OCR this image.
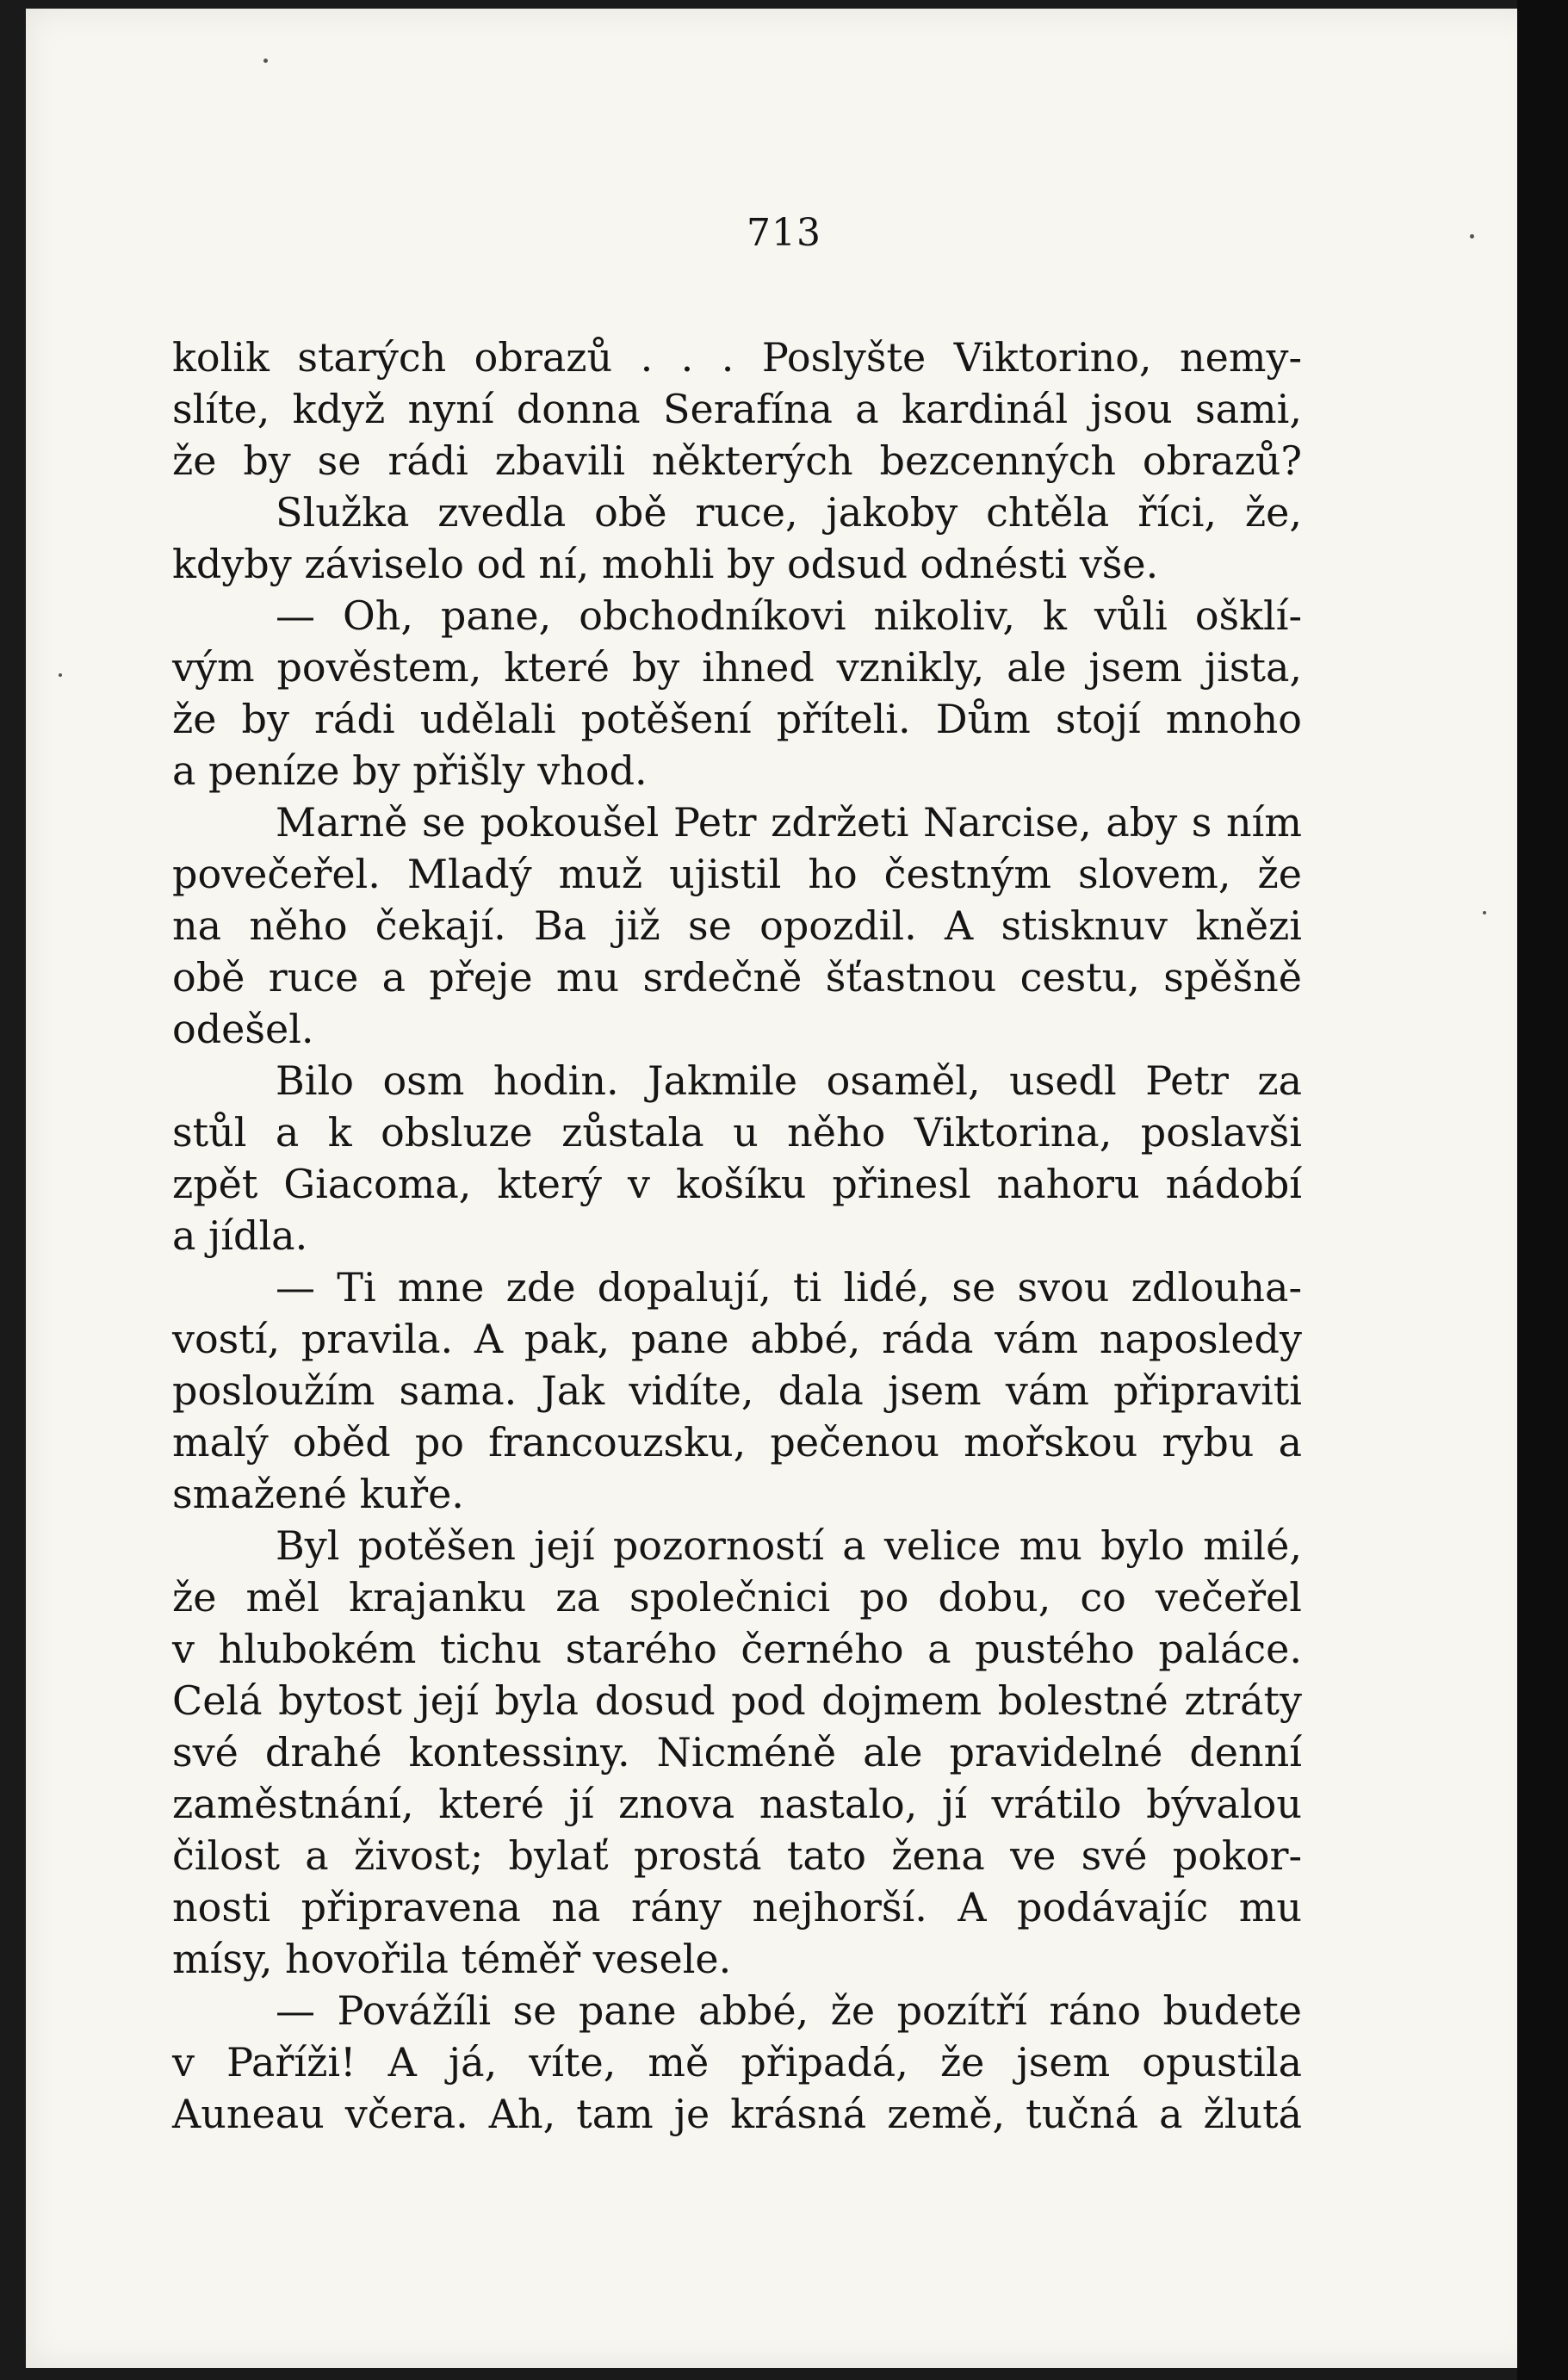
713
kolik starých obrazů . . . Poslyšte Viktorino, nemy-
slíte, když nyní donna Serafína a kardinál jsou sami,
že by se rádi zbavili některých bezcenných obrazů?
Služka zvedla obě ruce, jakoby chtěla říci, že,
kdyby záviselo od ní, mohli by odsud odnésti vše.
— Oh, pane, obchodníkovi nikoliv, k vůli ošklí-
vým pověstem, které by ihned vznikly, ale jsem jista,
že by rádi udělali potěšení příteli. Dům stojí mnoho
a peníze by přišly vhod.
Marně se pokoušel Petr zdržeti Narcise, aby s ním
povečeřel. Mladý muž ujistil ho čestným slovem, že
na něho čekají. Ba již se opozdil. A stisknuv knězi
obě ruce a přeje mu srdečně šťastnou cestu, spěšně
odešel.
Bilo osm hodin. Jakmile osaměl, usedl Petr za
stůl a k obsluze zůstala u něho Viktorina, poslavši
zpět Giacoma, který v košíku přinesl nahoru nádobí
a jídla.
— Ti mne zde dopalují, ti lidé, se svou zdlouha-
vostí, pravila. A pak, pane abbé, ráda vám naposledy
posloužím sama. Jak vidíte, dala jsem vám připraviti
malý oběd po francouzsku, pečenou mořskou rybu a
smažené kuře.
Byl potěšen její pozorností a velice mu bylo milé,
že měl krajanku za společnici po dobu, co večeřel
v hlubokém tichu starého černého a pustého paláce.
Celá bytost její byla dosud pod dojmem bolestné ztráty
své drahé kontessiny. Nicméně ale pravidelné denní
zaměstnání, které jí znova nastalo, jí vrátilo bývalou
čilost a živost; bylať prostá tato žena ve své pokor-
nosti připravena na rány nejhorší. A podávajíc mu
mísy, hovořila téměř vesele.
— Povážíli se pane abbé, že pozítří ráno budete
v Paříži! A já, víte, mě připadá, že jsem opustila
Auneau včera. Ah, tam je krásná země, tučná a žlutá
